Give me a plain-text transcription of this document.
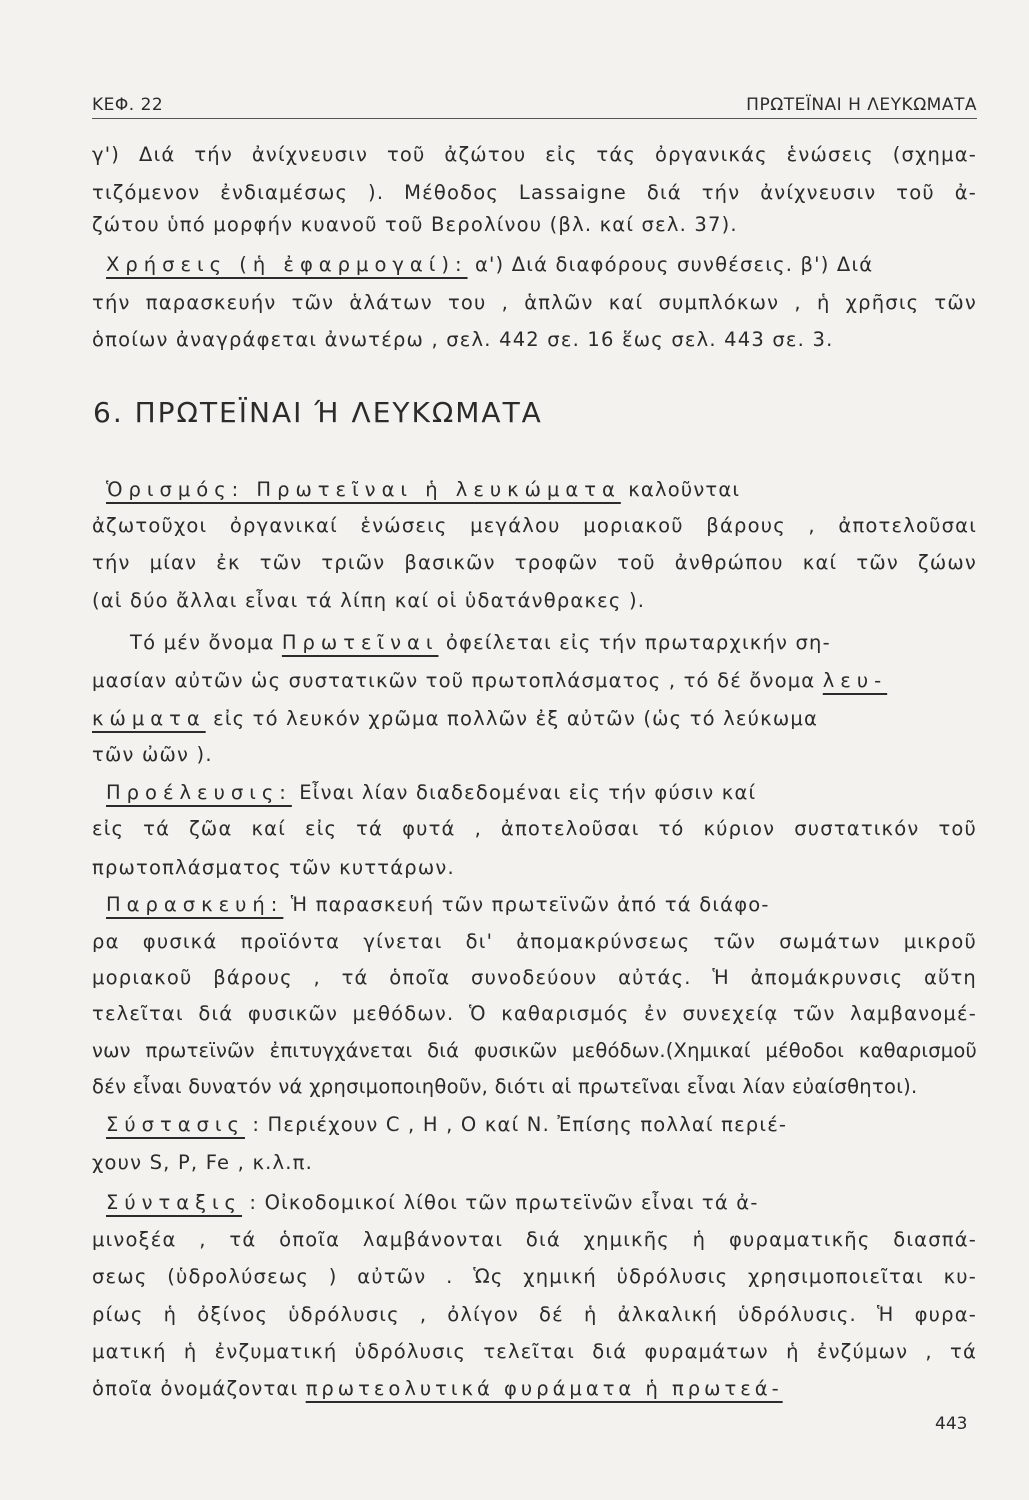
ΚΕΦ. 22	ΠΡΩΤΕΪΝΑΙ Η ΛΕΥΚΩΜΑΤΑ
γ') Διά τήν ἀνίχνευσιν τοῦ ἀζώτου εἰς τάς ὀργανικάς ἑνώσεις (σχημα-
τιζόμενον ἐνδιαμέσως ). Μέθοδος Lassaigne διά τήν ἀνίχνευσιν τοῦ ἀ-
ζώτου ὑπό μορφήν κυανοῦ τοῦ Βερολίνου (βλ. καί σελ. 37).
Χρήσεις (ἡ ἐφαρμογαί): α') Διά διαφόρους συνθέσεις. β') Διά
τήν παρασκευήν τῶν ἁλάτων του , ἁπλῶν καί συμπλόκων , ἡ χρῆσις τῶν
ὁποίων ἀναγράφεται ἀνωτέρω , σελ. 442 σε. 16 ἕως σελ. 443 σε. 3.
6. ΠΡΩΤΕΪΝΑΙ Ή ΛΕΥΚΩΜΑΤΑ
Ὁρισμός: Πρωτεῖναι ἡ λευκώματα καλοῦνται
ἀζωτοῦχοι ὀργανικαί ἑνώσεις μεγάλου μοριακοῦ βάρους , ἀποτελοῦσαι
τήν μίαν ἐκ τῶν τριῶν βασικῶν τροφῶν τοῦ ἀνθρώπου καί τῶν ζώων
(αἱ δύο ἄλλαι εἶναι τά λίπη καί οἱ ὑδατάνθρακες ).
Τό μέν ὄνομα Πρωτεῖναι ὀφείλεται εἰς τήν πρωταρχικήν ση-
μασίαν αὐτῶν ὡς συστατικῶν τοῦ πρωτοπλάσματος , τό δέ ὄνομα λευ-
κώματα εἰς τό λευκόν χρῶμα πολλῶν ἐξ αὐτῶν (ὡς τό λεύκωμα
τῶν ὠῶν ).
Προέλευσις: Εἶναι λίαν διαδεδομέναι εἰς τήν φύσιν καί
εἰς τά ζῶα καί εἰς τά φυτά , ἀποτελοῦσαι τό κύριον συστατικόν τοῦ
πρωτοπλάσματος τῶν κυττάρων.
Παρασκευή: Ἡ παρασκευή τῶν πρωτεϊνῶν ἀπό τά διάφο-
ρα φυσικά προϊόντα γίνεται δι' ἀπομακρύνσεως τῶν σωμάτων μικροῦ
μοριακοῦ βάρους , τά ὁποῖα συνοδεύουν αὐτάς. Ἡ ἀπομάκρυνσις αὕτη
τελεῖται διά φυσικῶν μεθόδων. Ὁ καθαρισμός ἐν συνεχείᾳ τῶν λαμβανομέ-
νων πρωτεϊνῶν ἐπιτυγχάνεται διά φυσικῶν μεθόδων.(Χημικαί μέθοδοι καθαρισμοῦ
δέν εἶναι δυνατόν νά χρησιμοποιηθοῦν, διότι αἱ πρωτεῖναι εἶναι λίαν εὐαίσθητοι).
Σύστασις : Περιέχουν C , H , O καί N. Ἐπίσης πολλαί περιέ-
χουν S, P, Fe , κ.λ.π.
Σύνταξις : Οἰκοδομικοί λίθοι τῶν πρωτεϊνῶν εἶναι τά ἀ-
μινοξέα , τά ὁποῖα λαμβάνονται διά χημικῆς ἡ φυραματικῆς διασπά-
σεως (ὑδρολύσεως ) αὐτῶν . Ὡς χημική ὑδρόλυσις χρησιμοποιεῖται κυ-
ρίως ἡ ὀξίνος ὑδρόλυσις , ὀλίγον δέ ἡ ἀλκαλική ὑδρόλυσις. Ἡ φυρα-
ματική ἡ ἐνζυματική ὑδρόλυσις τελεῖται διά φυραμάτων ἡ ἐνζύμων , τά
ὁποῖα ὀνομάζονται πρωτεολυτικά φυράματα ἡ πρωτεά-
443
